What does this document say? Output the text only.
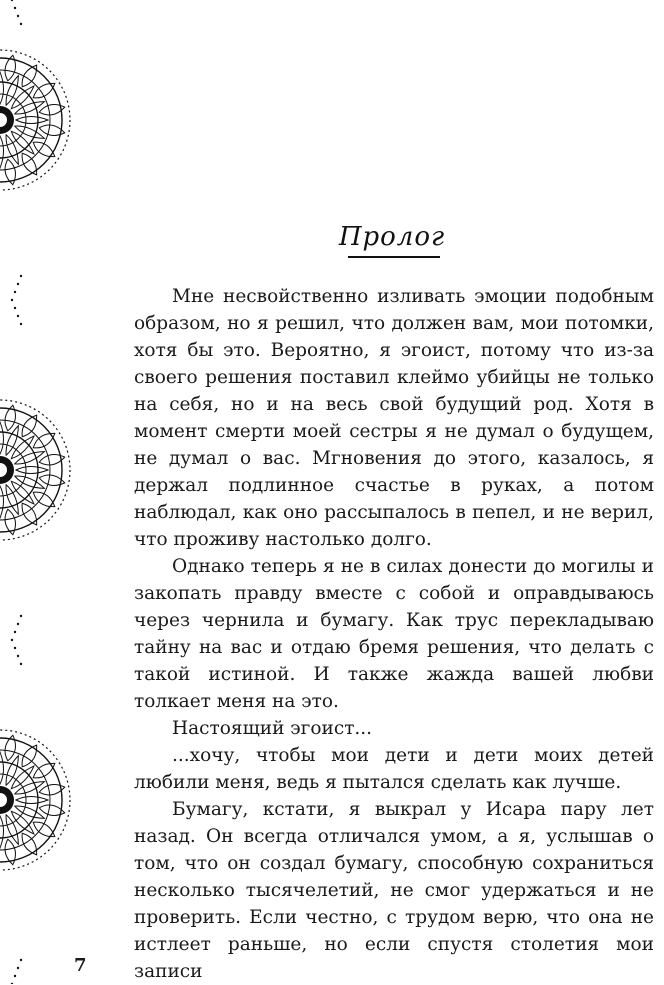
Пролог

Мне несвойственно изливать эмоции подобным образом, но я решил, что должен вам, мои потомки, хотя бы это. Вероятно, я эгоист, потому что из-за своего решения поставил клеймо убийцы не только на себя, но и на весь свой будущий род. Хотя в момент смерти моей сестры я не думал о будущем, не думал о вас. Мгновения до этого, казалось, я держал подлинное счастье в руках, а потом наблюдал, как оно рассыпалось в пепел, и не верил, что проживу настолько долго.

Однако теперь я не в силах донести до могилы и закопать правду вместе с собой и оправдываюсь через чернила и бумагу. Как трус перекладываю тайну на вас и отдаю бремя решения, что делать с такой истиной. И также жажда вашей любви толкает меня на это.

Настоящий эгоист...

...хочу, чтобы мои дети и дети моих детей любили меня, ведь я пытался сделать как лучше.

Бумагу, кстати, я выкрал у Исара пару лет назад. Он всегда отличался умом, а я, услышав о том, что он создал бумагу, способную сохраниться несколько тысячелетий, не смог удержаться и не проверить. Если честно, с трудом верю, что она не истлеет раньше, но если спустя столетия мои записи

7
